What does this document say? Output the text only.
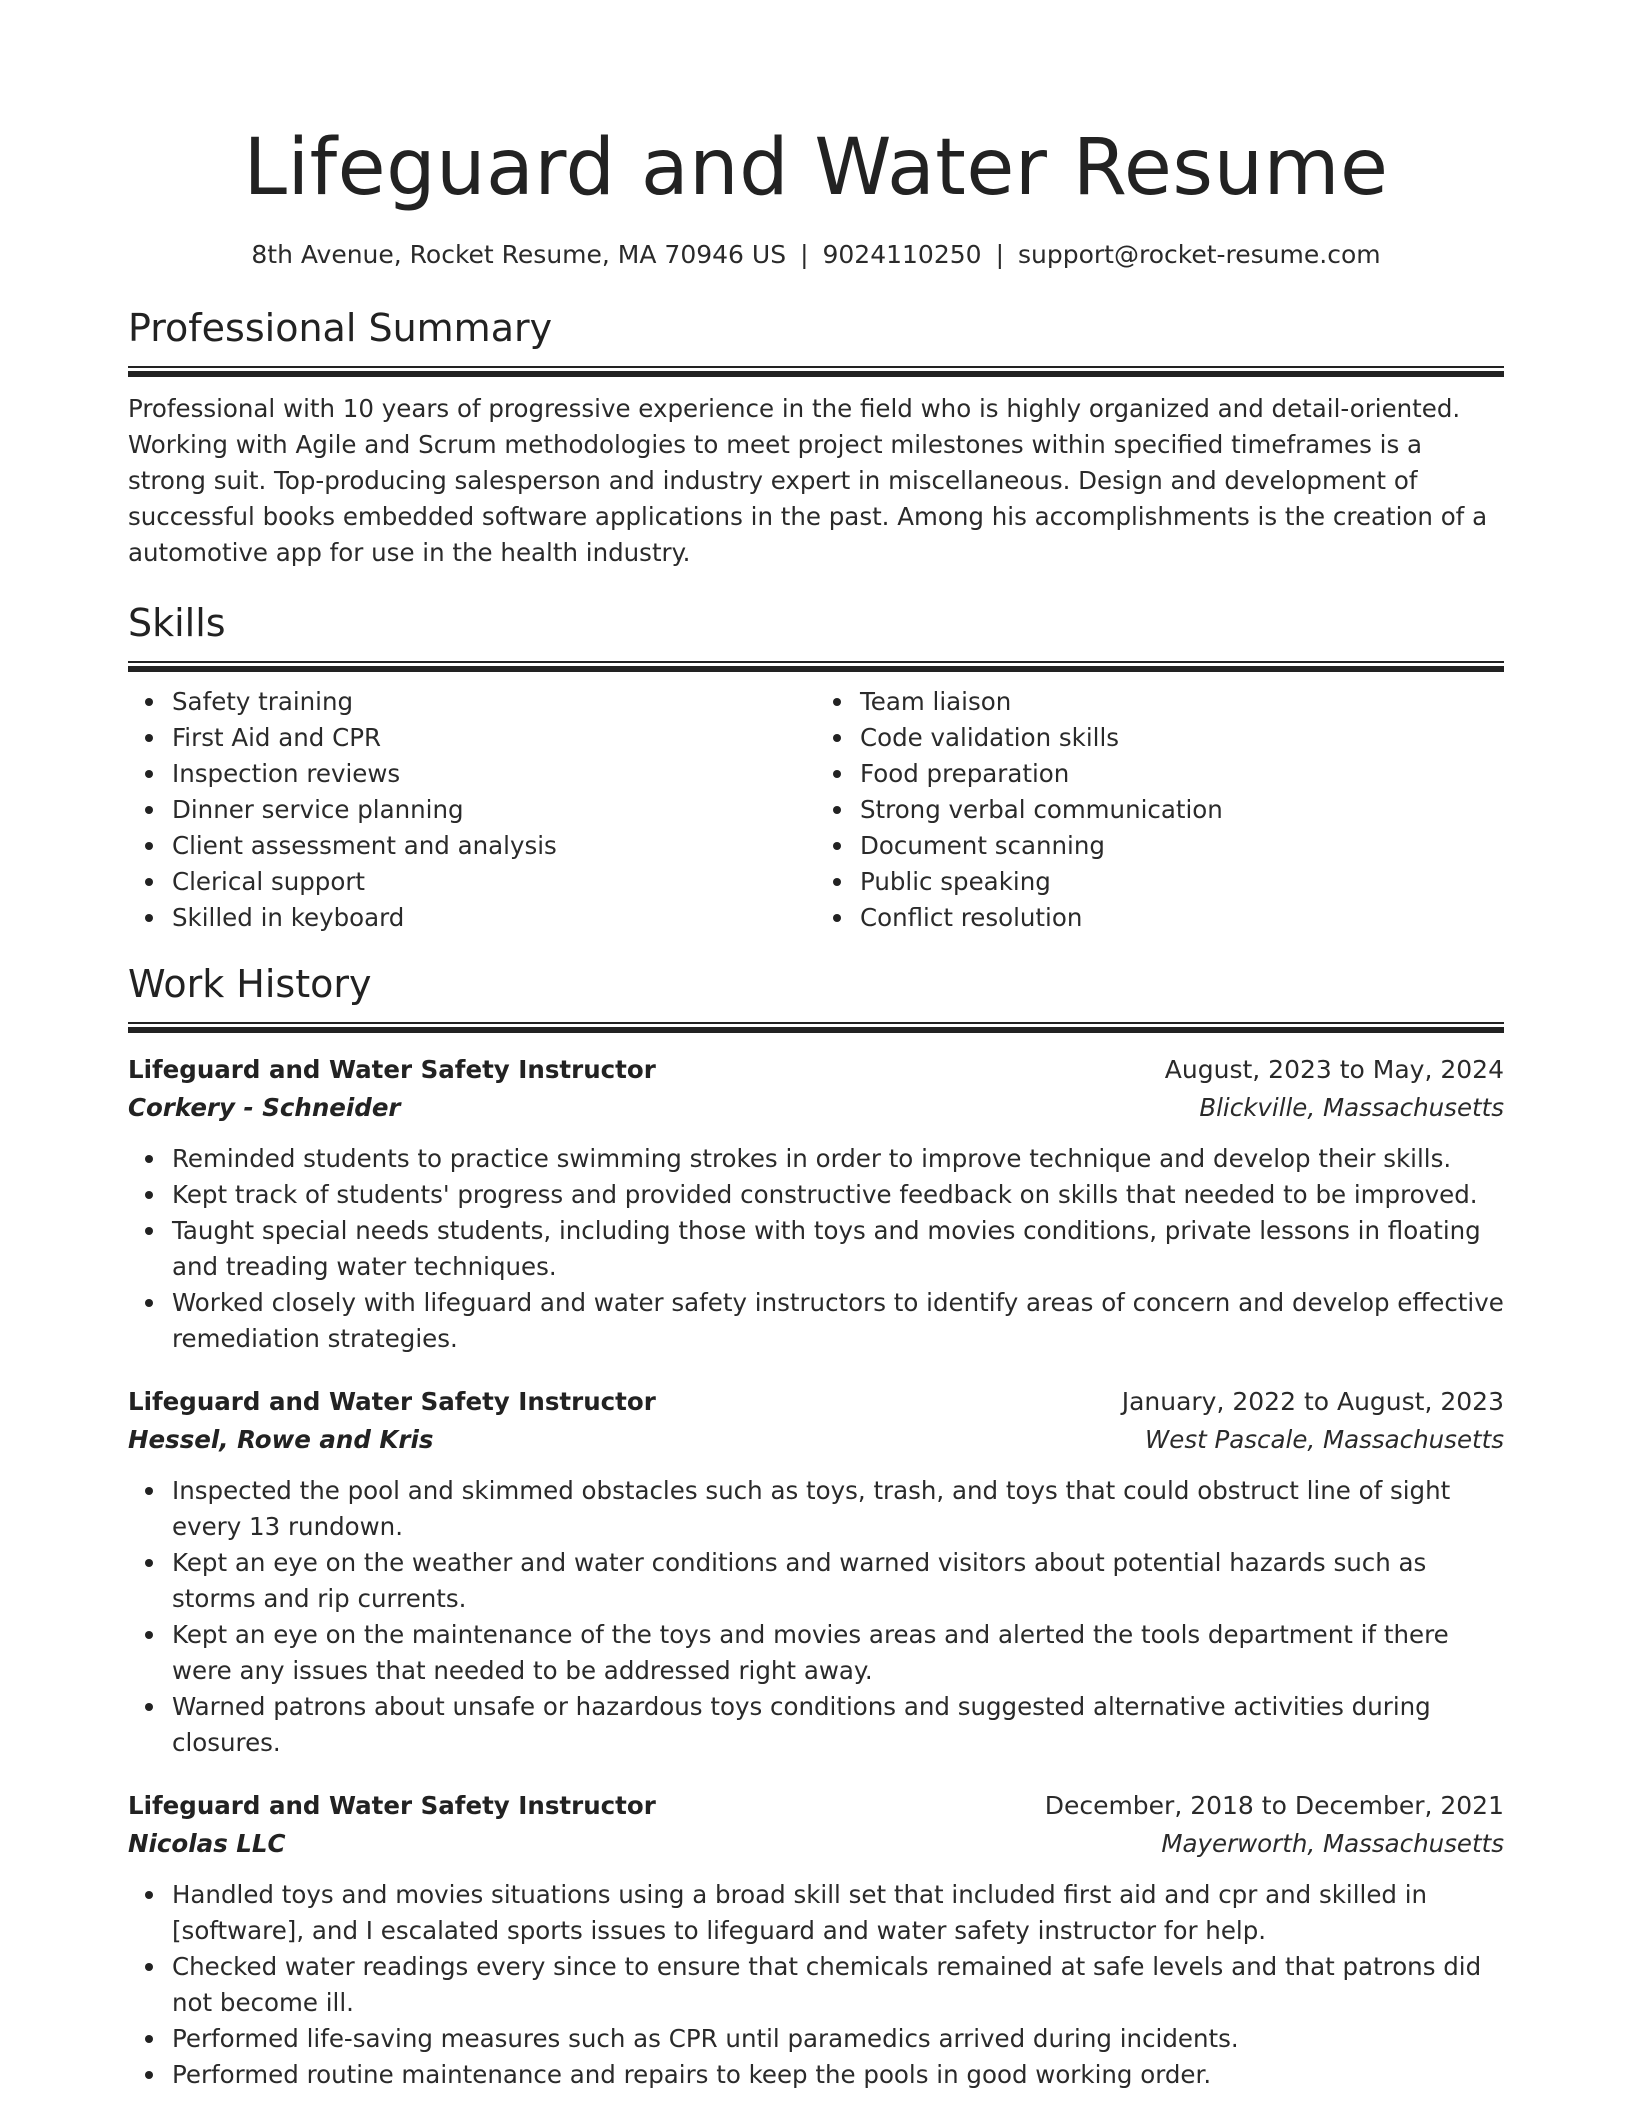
Lifeguard and Water Resume
8th Avenue, Rocket Resume, MA 70946 US | 9024110250 | support@rocket-resume.com
Professional Summary
Professional with 10 years of progressive experience in the field who is highly organized and detail-oriented. Working with Agile and Scrum methodologies to meet project milestones within specified timeframes is a strong suit. Top-producing salesperson and industry expert in miscellaneous. Design and development of successful books embedded software applications in the past. Among his accomplishments is the creation of a automotive app for use in the health industry.
Skills
Safety training
First Aid and CPR
Inspection reviews
Dinner service planning
Client assessment and analysis
Clerical support
Skilled in keyboard
Team liaison
Code validation skills
Food preparation
Strong verbal communication
Document scanning
Public speaking
Conflict resolution
Work History
Lifeguard and Water Safety Instructor	August, 2023 to May, 2024
Corkery - Schneider	Blickville, Massachusetts
Reminded students to practice swimming strokes in order to improve technique and develop their skills.
Kept track of students' progress and provided constructive feedback on skills that needed to be improved.
Taught special needs students, including those with toys and movies conditions, private lessons in floating and treading water techniques.
Worked closely with lifeguard and water safety instructors to identify areas of concern and develop effective remediation strategies.
Lifeguard and Water Safety Instructor	January, 2022 to August, 2023
Hessel, Rowe and Kris	West Pascale, Massachusetts
Inspected the pool and skimmed obstacles such as toys, trash, and toys that could obstruct line of sight every 13 rundown.
Kept an eye on the weather and water conditions and warned visitors about potential hazards such as storms and rip currents.
Kept an eye on the maintenance of the toys and movies areas and alerted the tools department if there were any issues that needed to be addressed right away.
Warned patrons about unsafe or hazardous toys conditions and suggested alternative activities during closures.
Lifeguard and Water Safety Instructor	December, 2018 to December, 2021
Nicolas LLC	Mayerworth, Massachusetts
Handled toys and movies situations using a broad skill set that included first aid and cpr and skilled in [software], and I escalated sports issues to lifeguard and water safety instructor for help.
Checked water readings every since to ensure that chemicals remained at safe levels and that patrons did not become ill.
Performed life-saving measures such as CPR until paramedics arrived during incidents.
Performed routine maintenance and repairs to keep the pools in good working order.
